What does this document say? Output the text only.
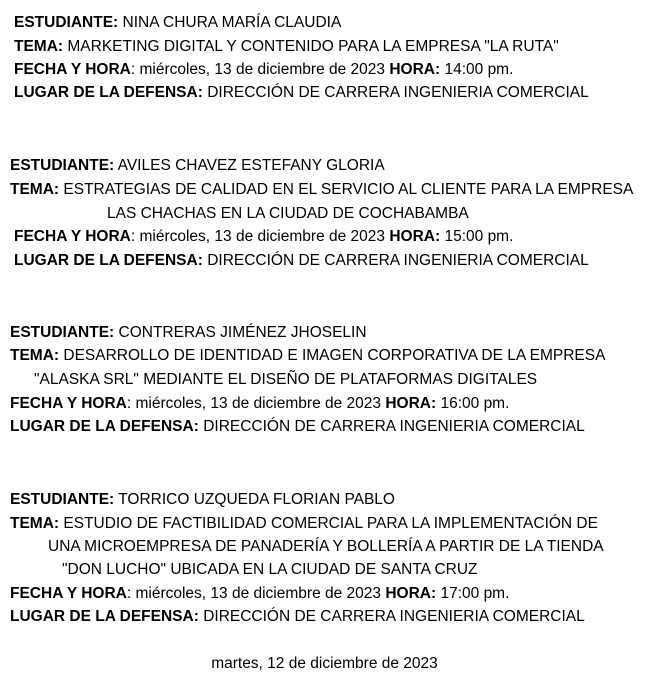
ESTUDIANTE: NINA CHURA MARÍA CLAUDIA
TEMA: MARKETING DIGITAL Y CONTENIDO PARA LA EMPRESA "LA RUTA"
FECHA Y HORA: miércoles, 13 de diciembre de 2023 HORA: 14:00 pm.
LUGAR DE LA DEFENSA: DIRECCIÓN DE CARRERA INGENIERIA COMERCIAL
ESTUDIANTE: AVILES CHAVEZ ESTEFANY GLORIA
TEMA: ESTRATEGIAS DE CALIDAD EN EL SERVICIO AL CLIENTE PARA LA EMPRESA
LAS CHACHAS EN LA CIUDAD DE COCHABAMBA
FECHA Y HORA: miércoles, 13 de diciembre de 2023 HORA: 15:00 pm.
LUGAR DE LA DEFENSA: DIRECCIÓN DE CARRERA INGENIERIA COMERCIAL
ESTUDIANTE: CONTRERAS JIMÉNEZ JHOSELIN
TEMA: DESARROLLO DE IDENTIDAD E IMAGEN CORPORATIVA DE LA EMPRESA
"ALASKA SRL" MEDIANTE EL DISEÑO DE PLATAFORMAS DIGITALES
FECHA Y HORA: miércoles, 13 de diciembre de 2023 HORA: 16:00 pm.
LUGAR DE LA DEFENSA: DIRECCIÓN DE CARRERA INGENIERIA COMERCIAL
ESTUDIANTE: TORRICO UZQUEDA FLORIAN PABLO
TEMA: ESTUDIO DE FACTIBILIDAD COMERCIAL PARA LA IMPLEMENTACIÓN DE
UNA MICROEMPRESA DE PANADERÍA Y BOLLERÍA A PARTIR DE LA TIENDA
"DON LUCHO" UBICADA EN LA CIUDAD DE SANTA CRUZ
FECHA Y HORA: miércoles, 13 de diciembre de 2023 HORA: 17:00 pm.
LUGAR DE LA DEFENSA: DIRECCIÓN DE CARRERA INGENIERIA COMERCIAL
martes, 12 de diciembre de 2023
